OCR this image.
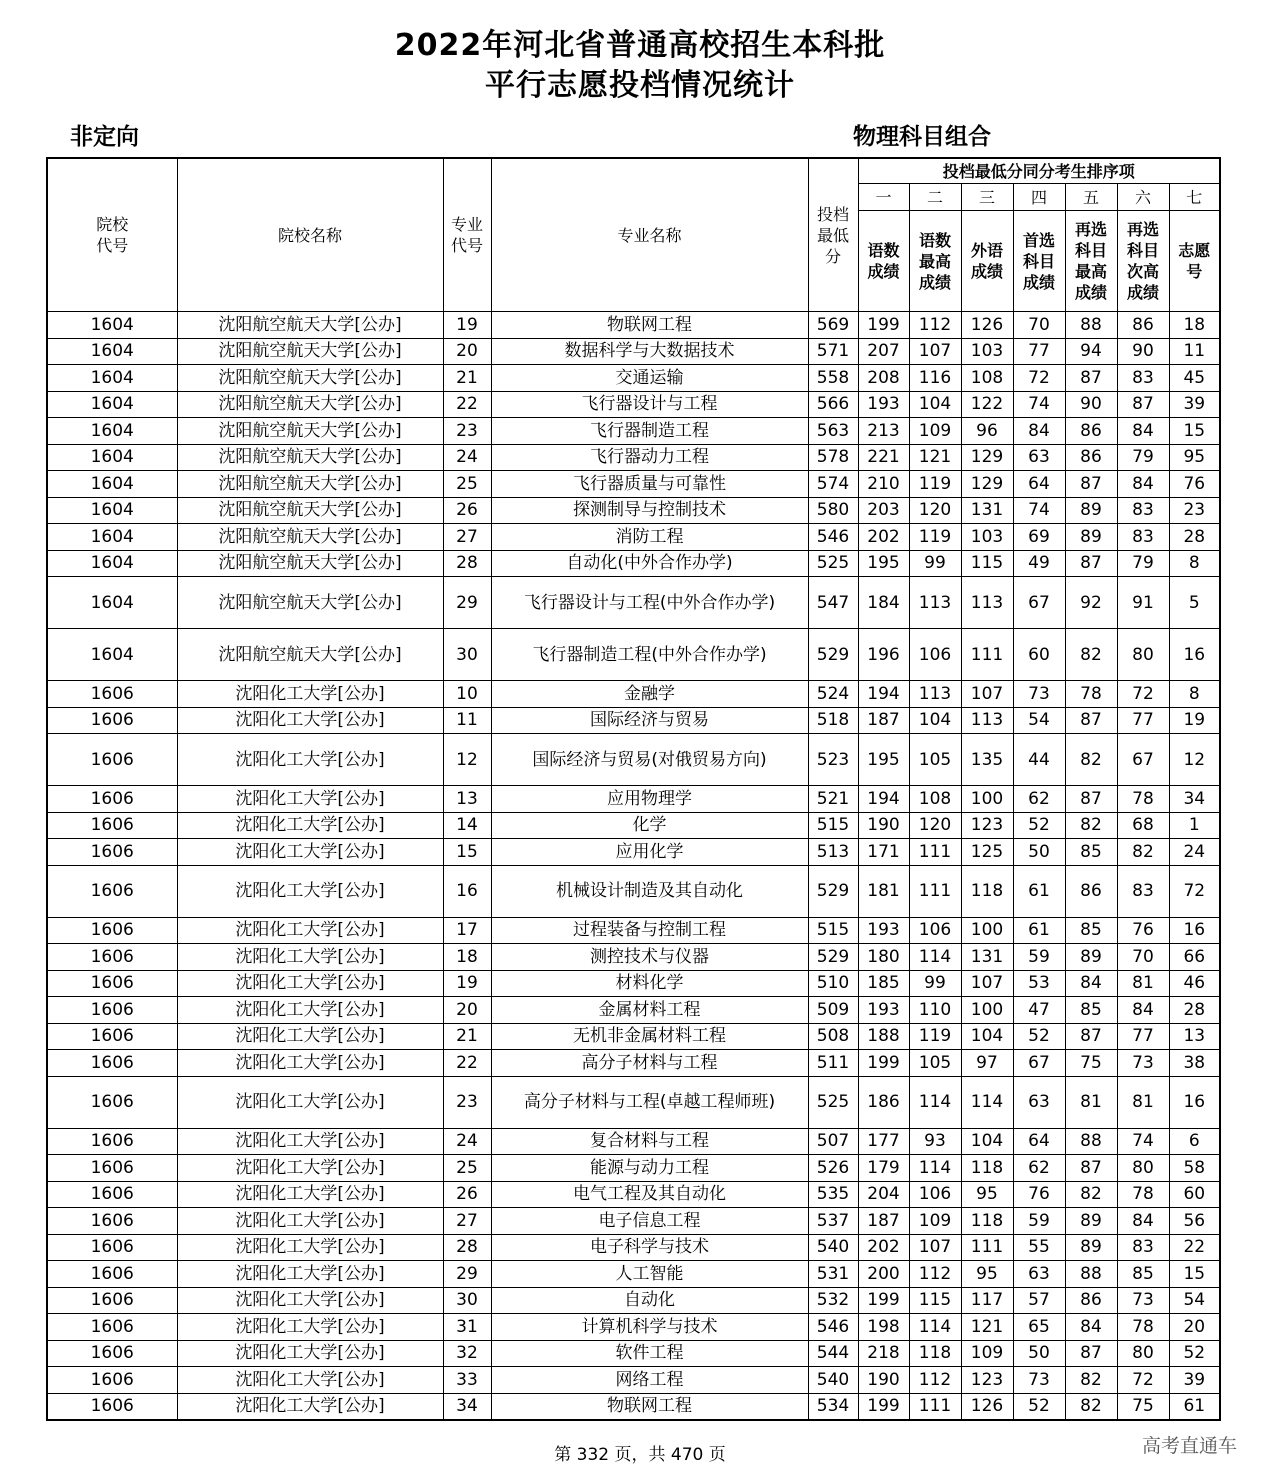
2022年河北省普通高校招生本科批
平行志愿投档情况统计
非定向	物理科目组合
院校代号	院校名称	专业代号	专业名称	投档最低分	投档最低分同分考生排序项						
					一	二	三	四	五	六	七
					语数成绩	语数最高成绩	外语成绩	首选科目成绩	再选科目最高成绩	再选科目次高成绩	志愿号
1604	沈阳航空航天大学[公办]	19	物联网工程	569	199	112	126	70	88	86	18
1604	沈阳航空航天大学[公办]	20	数据科学与大数据技术	571	207	107	103	77	94	90	11
1604	沈阳航空航天大学[公办]	21	交通运输	558	208	116	108	72	87	83	45
1604	沈阳航空航天大学[公办]	22	飞行器设计与工程	566	193	104	122	74	90	87	39
1604	沈阳航空航天大学[公办]	23	飞行器制造工程	563	213	109	96	84	86	84	15
1604	沈阳航空航天大学[公办]	24	飞行器动力工程	578	221	121	129	63	86	79	95
1604	沈阳航空航天大学[公办]	25	飞行器质量与可靠性	574	210	119	129	64	87	84	76
1604	沈阳航空航天大学[公办]	26	探测制导与控制技术	580	203	120	131	74	89	83	23
1604	沈阳航空航天大学[公办]	27	消防工程	546	202	119	103	69	89	83	28
1604	沈阳航空航天大学[公办]	28	自动化(中外合作办学)	525	195	99	115	49	87	79	8
1604	沈阳航空航天大学[公办]	29	飞行器设计与工程(中外合作办学)	547	184	113	113	67	92	91	5
1604	沈阳航空航天大学[公办]	30	飞行器制造工程(中外合作办学)	529	196	106	111	60	82	80	16
1606	沈阳化工大学[公办]	10	金融学	524	194	113	107	73	78	72	8
1606	沈阳化工大学[公办]	11	国际经济与贸易	518	187	104	113	54	87	77	19
1606	沈阳化工大学[公办]	12	国际经济与贸易(对俄贸易方向)	523	195	105	135	44	82	67	12
1606	沈阳化工大学[公办]	13	应用物理学	521	194	108	100	62	87	78	34
1606	沈阳化工大学[公办]	14	化学	515	190	120	123	52	82	68	1
1606	沈阳化工大学[公办]	15	应用化学	513	171	111	125	50	85	82	24
1606	沈阳化工大学[公办]	16	机械设计制造及其自动化	529	181	111	118	61	86	83	72
1606	沈阳化工大学[公办]	17	过程装备与控制工程	515	193	106	100	61	85	76	16
1606	沈阳化工大学[公办]	18	测控技术与仪器	529	180	114	131	59	89	70	66
1606	沈阳化工大学[公办]	19	材料化学	510	185	99	107	53	84	81	46
1606	沈阳化工大学[公办]	20	金属材料工程	509	193	110	100	47	85	84	28
1606	沈阳化工大学[公办]	21	无机非金属材料工程	508	188	119	104	52	87	77	13
1606	沈阳化工大学[公办]	22	高分子材料与工程	511	199	105	97	67	75	73	38
1606	沈阳化工大学[公办]	23	高分子材料与工程(卓越工程师班)	525	186	114	114	63	81	81	16
1606	沈阳化工大学[公办]	24	复合材料与工程	507	177	93	104	64	88	74	6
1606	沈阳化工大学[公办]	25	能源与动力工程	526	179	114	118	62	87	80	58
1606	沈阳化工大学[公办]	26	电气工程及其自动化	535	204	106	95	76	82	78	60
1606	沈阳化工大学[公办]	27	电子信息工程	537	187	109	118	59	89	84	56
1606	沈阳化工大学[公办]	28	电子科学与技术	540	202	107	111	55	89	83	22
1606	沈阳化工大学[公办]	29	人工智能	531	200	112	95	63	88	85	15
1606	沈阳化工大学[公办]	30	自动化	532	199	115	117	57	86	73	54
1606	沈阳化工大学[公办]	31	计算机科学与技术	546	198	114	121	65	84	78	20
1606	沈阳化工大学[公办]	32	软件工程	544	218	118	109	50	87	80	52
1606	沈阳化工大学[公办]	33	网络工程	540	190	112	123	73	82	72	39
1606	沈阳化工大学[公办]	34	物联网工程	534	199	111	126	52	82	75	61
第 332 页，共 470 页	高考直通车
